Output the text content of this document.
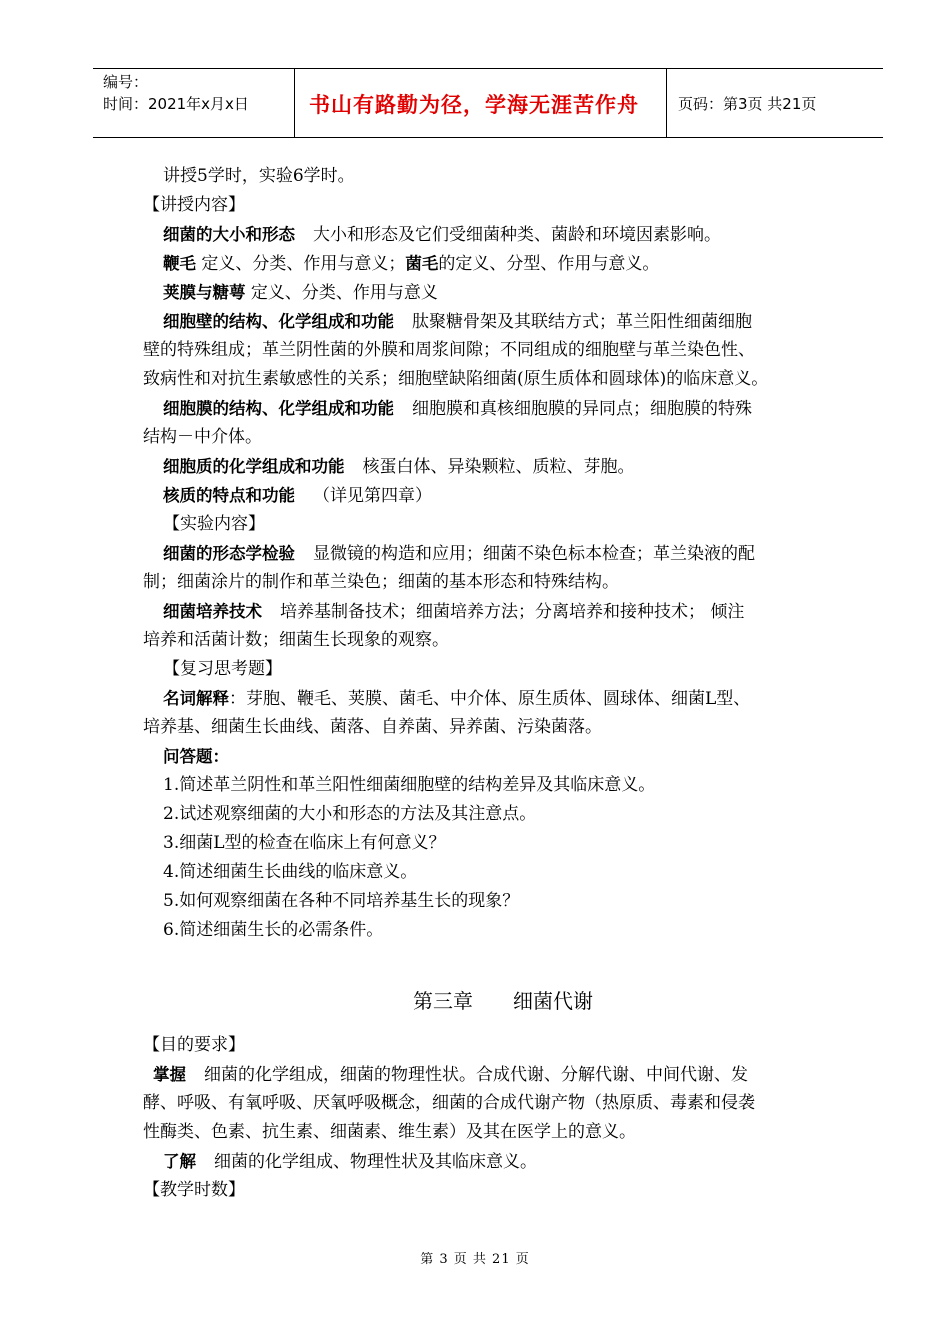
编号：
时间：2021年x月x日	书山有路勤为径，学海无涯苦作舟	页码：第3页 共21页
讲授5学时，实验6学时。
【讲授内容】
细菌的大小和形态 大小和形态及它们受细菌种类、菌龄和环境因素影响。
鞭毛 定义、分类、作用与意义；菌毛的定义、分型、作用与意义。
荚膜与糖萼 定义、分类、作用与意义
细胞壁的结构、化学组成和功能 肽聚糖骨架及其联结方式；革兰阳性细菌细胞
壁的特殊组成；革兰阴性菌的外膜和周浆间隙；不同组成的细胞壁与革兰染色性、
致病性和对抗生素敏感性的关系；细胞壁缺陷细菌(原生质体和圆球体)的临床意义。
细胞膜的结构、化学组成和功能 细胞膜和真核细胞膜的异同点；细胞膜的特殊
结构－中介体。
细胞质的化学组成和功能 核蛋白体、异染颗粒、质粒、芽胞。
核质的特点和功能 （详见第四章）
【实验内容】
细菌的形态学检验 显微镜的构造和应用；细菌不染色标本检查；革兰染液的配
制；细菌涂片的制作和革兰染色；细菌的基本形态和特殊结构。
细菌培养技术 培养基制备技术；细菌培养方法；分离培养和接种技术； 倾注
培养和活菌计数；细菌生长现象的观察。
【复习思考题】
名词解释：芽胞、鞭毛、荚膜、菌毛、中介体、原生质体、圆球体、细菌L型、
培养基、细菌生长曲线、菌落、自养菌、异养菌、污染菌落。
问答题：
1.简述革兰阴性和革兰阳性细菌细胞壁的结构差异及其临床意义。
2.试述观察细菌的大小和形态的方法及其注意点。
3.细菌L型的检查在临床上有何意义？
4.简述细菌生长曲线的临床意义。
5.如何观察细菌在各种不同培养基生长的现象？
6.简述细菌生长的必需条件。
第三章 细菌代谢
【目的要求】
掌握 细菌的化学组成，细菌的物理性状。合成代谢、分解代谢、中间代谢、发
酵、呼吸、有氧呼吸、厌氧呼吸概念，细菌的合成代谢产物（热原质、毒素和侵袭
性酶类、色素、抗生素、细菌素、维生素）及其在医学上的意义。
了解 细菌的化学组成、物理性状及其临床意义。
【教学时数】
第 3 页 共 21 页
